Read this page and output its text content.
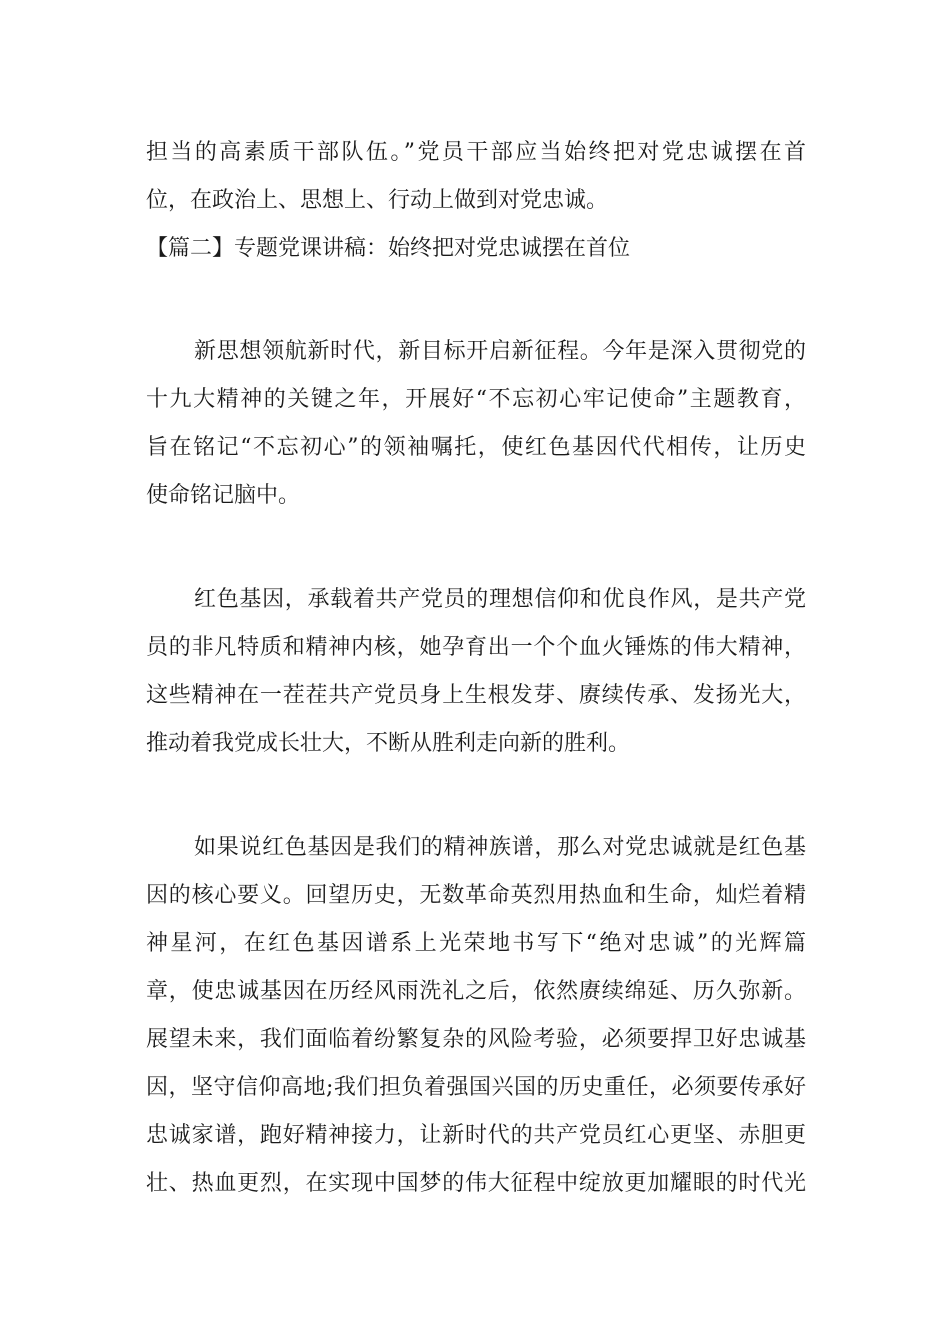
担当的高素质干部队伍。”党员干部应当始终把对党忠诚摆在首
位，在政治上、思想上、行动上做到对党忠诚。
【篇二】专题党课讲稿：始终把对党忠诚摆在首位
新思想领航新时代，新目标开启新征程。今年是深入贯彻党的
十九大精神的关键之年，开展好“不忘初心牢记使命”主题教育，
旨在铭记“不忘初心”的领袖嘱托，使红色基因代代相传，让历史
使命铭记脑中。
红色基因，承载着共产党员的理想信仰和优良作风，是共产党
员的非凡特质和精神内核，她孕育出一个个血火锤炼的伟大精神，
这些精神在一茬茬共产党员身上生根发芽、赓续传承、发扬光大，
推动着我党成长壮大，不断从胜利走向新的胜利。
如果说红色基因是我们的精神族谱，那么对党忠诚就是红色基
因的核心要义。回望历史，无数革命英烈用热血和生命，灿烂着精
神星河，在红色基因谱系上光荣地书写下“绝对忠诚”的光辉篇
章，使忠诚基因在历经风雨洗礼之后，依然赓续绵延、历久弥新。
展望未来，我们面临着纷繁复杂的风险考验，必须要捍卫好忠诚基
因，坚守信仰高地;我们担负着强国兴国的历史重任，必须要传承好
忠诚家谱，跑好精神接力，让新时代的共产党员红心更坚、赤胆更
壮、热血更烈，在实现中国梦的伟大征程中绽放更加耀眼的时代光
